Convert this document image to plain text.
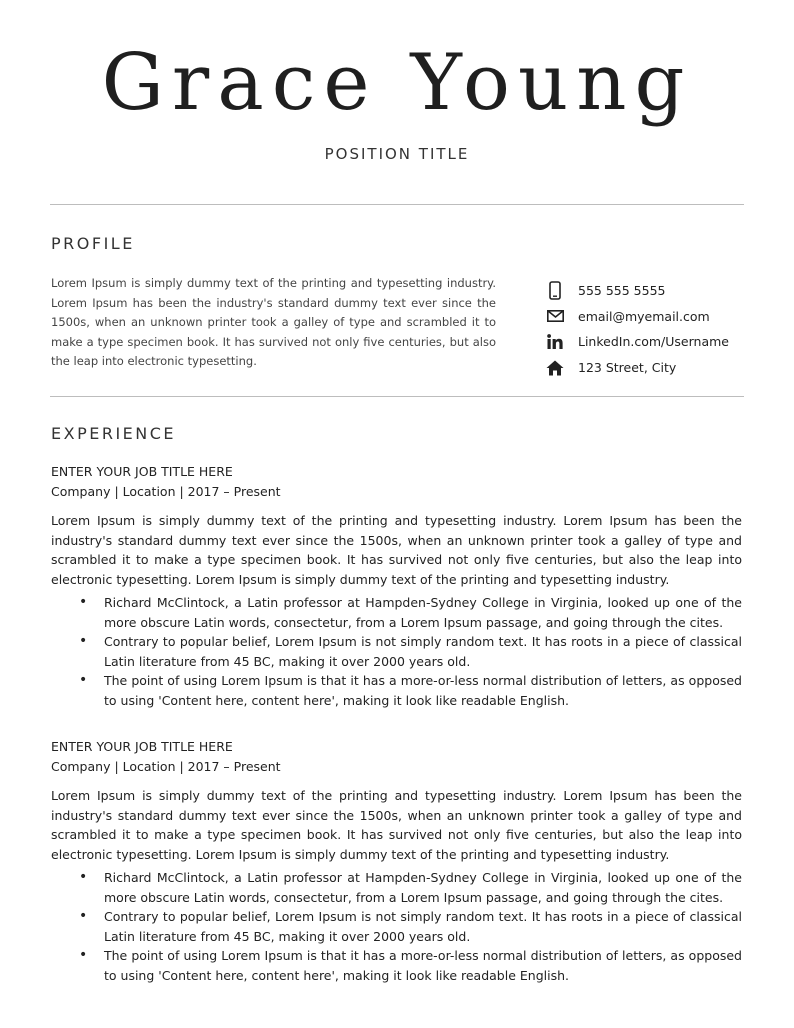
Grace Young
POSITION TITLE
PROFILE
Lorem Ipsum is simply dummy text of the printing and typesetting industry. Lorem Ipsum has been the industry's standard dummy text ever since the 1500s, when an unknown printer took a galley of type and scrambled it to make a type specimen book. It has survived not only five centuries, but also the leap into electronic typesetting.
555 555 5555
email@myemail.com
LinkedIn.com/Username
123 Street, City
EXPERIENCE
ENTER YOUR JOB TITLE HERE
Company | Location | 2017 – Present
Lorem Ipsum is simply dummy text of the printing and typesetting industry. Lorem Ipsum has been the industry's standard dummy text ever since the 1500s, when an unknown printer took a galley of type and scrambled it to make a type specimen book. It has survived not only five centuries, but also the leap into electronic typesetting. Lorem Ipsum is simply dummy text of the printing and typesetting industry.
• Richard McClintock, a Latin professor at Hampden-Sydney College in Virginia, looked up one of the more obscure Latin words, consectetur, from a Lorem Ipsum passage, and going through the cites.
• Contrary to popular belief, Lorem Ipsum is not simply random text. It has roots in a piece of classical Latin literature from 45 BC, making it over 2000 years old.
• The point of using Lorem Ipsum is that it has a more-or-less normal distribution of letters, as opposed to using 'Content here, content here', making it look like readable English.
ENTER YOUR JOB TITLE HERE
Company | Location | 2017 – Present
Lorem Ipsum is simply dummy text of the printing and typesetting industry. Lorem Ipsum has been the industry's standard dummy text ever since the 1500s, when an unknown printer took a galley of type and scrambled it to make a type specimen book. It has survived not only five centuries, but also the leap into electronic typesetting. Lorem Ipsum is simply dummy text of the printing and typesetting industry.
• Richard McClintock, a Latin professor at Hampden-Sydney College in Virginia, looked up one of the more obscure Latin words, consectetur, from a Lorem Ipsum passage, and going through the cites.
• Contrary to popular belief, Lorem Ipsum is not simply random text. It has roots in a piece of classical Latin literature from 45 BC, making it over 2000 years old.
• The point of using Lorem Ipsum is that it has a more-or-less normal distribution of letters, as opposed to using 'Content here, content here', making it look like readable English.
